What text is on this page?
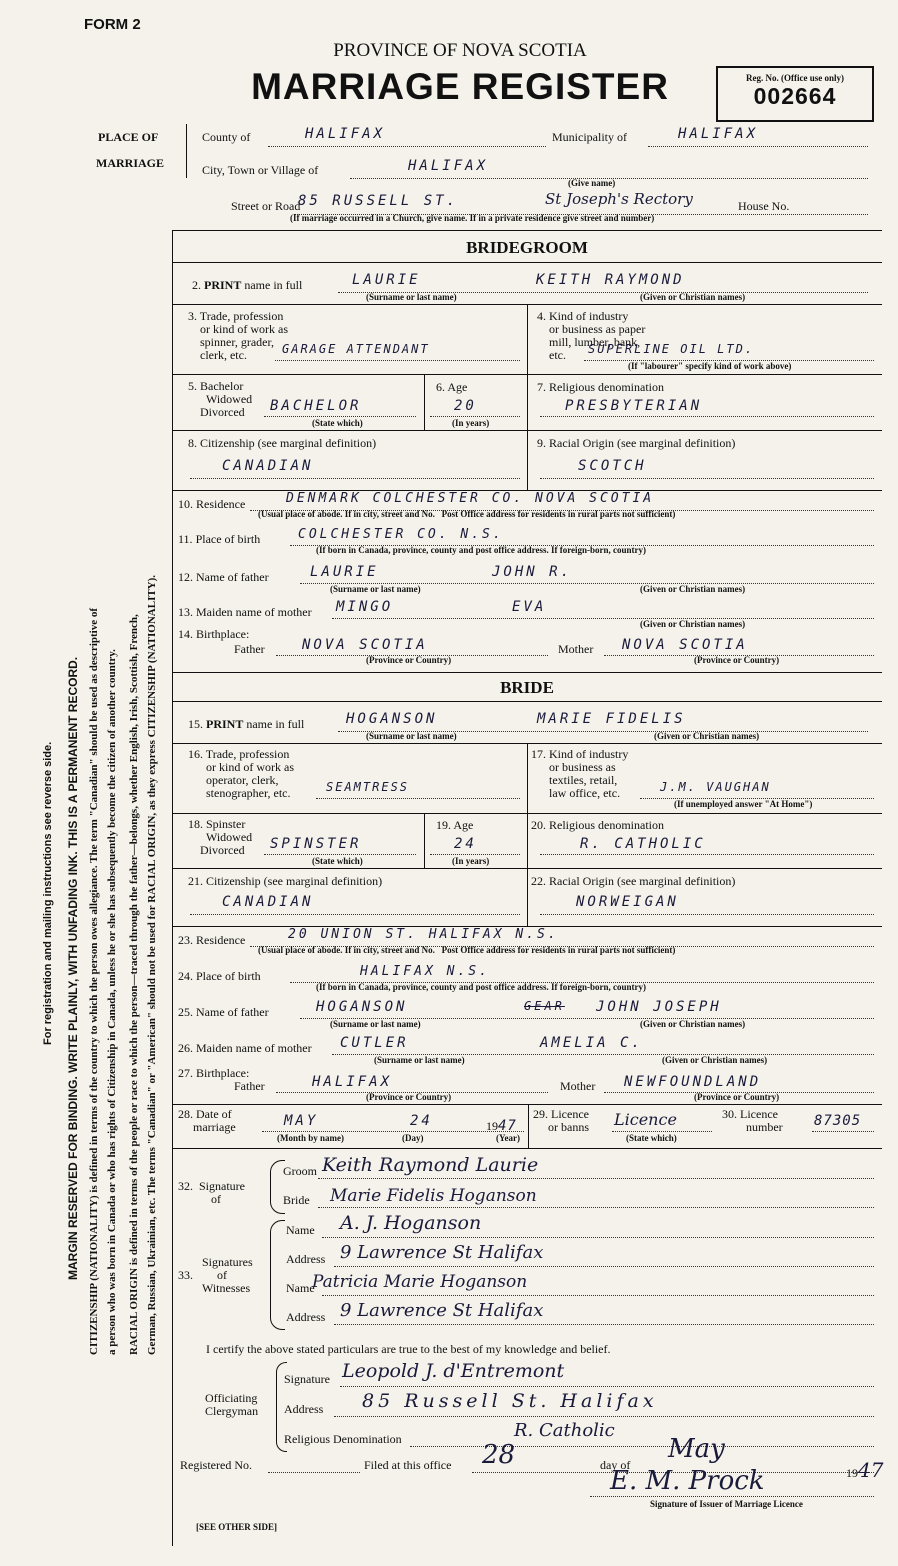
FORM 2
PROVINCE OF NOVA SCOTIA
MARRIAGE REGISTER	Reg. No. (Office use only)
002664
For registration and mailing instructions see reverse side. MARGIN RESERVED FOR BINDING. WRITE PLAINLY, WITH UNFADING INK. THIS IS A PERMANENT RECORD. CITIZENSHIP (NATIONALITY) is defined in terms of the country to which the person owes allegiance. The term "Canadian" should be used as descriptive of a person who was born in Canada or who has rights of Citizenship in Canada, unless he or she has subsequently become the citizen of another country. RACIAL ORIGIN is defined in terms of the people or race to which the person—traced through the father—belongs, whether English, Irish, Scottish, French, German, Russian, Ukrainian, etc. The terms "Canadian" or "American" should not be used for RACIAL ORIGIN, as they express CITIZENSHIP (NATIONALITY).
PLACE OF
MARRIAGE
County of	HALIFAX	Municipality of	HALIFAX
City, Town or Village of	HALIFAX
(Give name)
Street or Road
85 RUSSELL ST.	St Joseph's Rectory	House No.
(If marriage occurred in a Church, give name. If in a private residence give street and number)
BRIDEGROOM
2. PRINT name in full	LAURIE	KEITH RAYMOND
(Surname or last name)	(Given or Christian names)
3. Trade, profession
or kind of work as
spinner, grader,
clerk, etc.	GARAGE ATTENDANT
4. Kind of industry
or business as paper
mill, lumber, bank,
etc.	SUPERLINE OIL LTD.
(If "labourer" specify kind of work above)
5. Bachelor
Widowed
Divorced	BACHELOR
(State which)
6. Age
20
(In years)
7. Religious denomination
PRESBYTERIAN
8. Citizenship (see marginal definition)
CANADIAN
9. Racial Origin (see marginal definition)
SCOTCH
10. Residence	DENMARK COLCHESTER CO. NOVA SCOTIA
(Usual place of abode. If in city, street and No. Post Office address for residents in rural parts not sufficient)
11. Place of birth	COLCHESTER CO. N.S.
(If born in Canada, province, county and post office address. If foreign-born, country)
12. Name of father	LAURIE	JOHN R.
(Surname or last name)	(Given or Christian names)
13. Maiden name of mother MINGO	EVA
(Given or Christian names)
14. Birthplace:
Father	NOVA SCOTIA	Mother NOVA SCOTIA
(Province or Country)	(Province or Country)
BRIDE
15. PRINT name in full	HOGANSON	MARIE FIDELIS
(Surname or last name)	(Given or Christian names)
16. Trade, profession
or kind of work as
operator, clerk,
stenographer, etc.	SEAMTRESS
17. Kind of industry
or business as
textiles, retail,
law office, etc.	J.M. VAUGHAN
(If unemployed answer "At Home")
18. Spinster
Widowed
Divorced	SPINSTER
(State which)
19. Age
24
(In years)
20. Religious denomination
R. CATHOLIC
21. Citizenship (see marginal definition)
CANADIAN
22. Racial Origin (see marginal definition)
NORWEIGAN
23. Residence	20 UNION ST. HALIFAX N.S.
(Usual place of abode. If in city, street and No. Post Office address for residents in rural parts not sufficient)
24. Place of birth	HALIFAX N.S.
(If born in Canada, province, county and post office address. If foreign-born, country)
25. Name of father	HOGANSON	GEAR JOHN JOSEPH
(Surname or last name)	(Given or Christian names)
26. Maiden name of mother CUTLER	AMELIA C.
(Surname or last name)	(Given or Christian names)
27. Birthplace:
Father	HALIFAX	Mother NEWFOUNDLAND
(Province or Country)	(Province or Country)
28. Date of
marriage	MAY	24	1947
(Month by name)	(Day)	(Year)
29. Licence
or banns Licence
(State which)
30. Licence
number 87305
32. Signature
of
Groom Keith Raymond Laurie
Bride Marie Fidelis Hoganson
Signatures
33. of
Witnesses
Name A. J. Hoganson
Address 9 Lawrence St Halifax
Name
Patricia Marie Hoganson
Address 9 Lawrence St Halifax
I certify the above stated particulars are true to the best of my knowledge and belief.
Officiating
Clergyman
Signature Leopold J. d'Entremont
Address 85 Russell St. Halifax
Religious Denomination	R. Catholic
Registered No.	Filed at this office 28	day of
May
1947
E. M. Prock
Signature of Issuer of Marriage Licence
[SEE OTHER SIDE]
